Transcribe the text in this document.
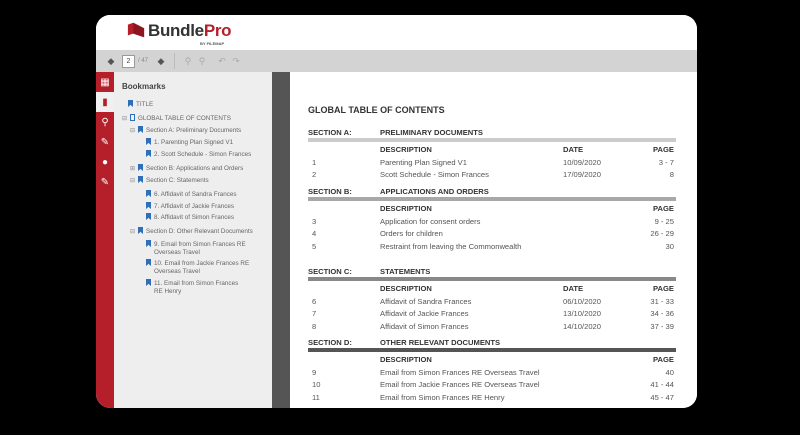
BundlePro
BY FILEMAP
◆	2	/ 47	◆	⚲ ⚲	↶ ↷
▦
▮
⚲
✎
●
✎
Bookmarks
TITLE
⊟ GLOBAL TABLE OF CONTENTS
⊟ Section A: Preliminary Documents
1. Parenting Plan Signed V1
2. Scott Schedule - Simon Frances
⊞ Section B: Applications and Orders
⊟ Section C: Statements
6. Affidavit of Sandra Frances
7. Affidavit of Jackie Frances
8. Affidavit of Simon Frances
⊟ Section D: Other Relevant Documents
9. Email from Simon Frances RE
Overseas Travel
10. Email from Jackie Frances RE
Overseas Travel
11. Email from Simon Frances
RE Henry
GLOBAL TABLE OF CONTENTS
SECTION A:	PRELIMINARY DOCUMENTS
DESCRIPTION	DATE	PAGE
1	Parenting Plan Signed V1	10/09/2020	3 - 7
2	Scott Schedule - Simon Frances	17/09/2020	8
SECTION B:	APPLICATIONS AND ORDERS
DESCRIPTION	PAGE
3	Application for consent orders	9 - 25
4	Orders for children	26 - 29
5	Restraint from leaving the Commonwealth	30
SECTION C:	STATEMENTS
DESCRIPTION	DATE	PAGE
6	Affidavit of Sandra Frances	06/10/2020	31 - 33
7	Affidavit of Jackie Frances	13/10/2020	34 - 36
8	Affidavit of Simon Frances	14/10/2020	37 - 39
SECTION D:	OTHER RELEVANT DOCUMENTS
DESCRIPTION	PAGE
9	Email from Simon Frances RE Overseas Travel	40
10	Email from Jackie Frances RE Overseas Travel	41 - 44
11	Email from Simon Frances RE Henry	45 - 47
